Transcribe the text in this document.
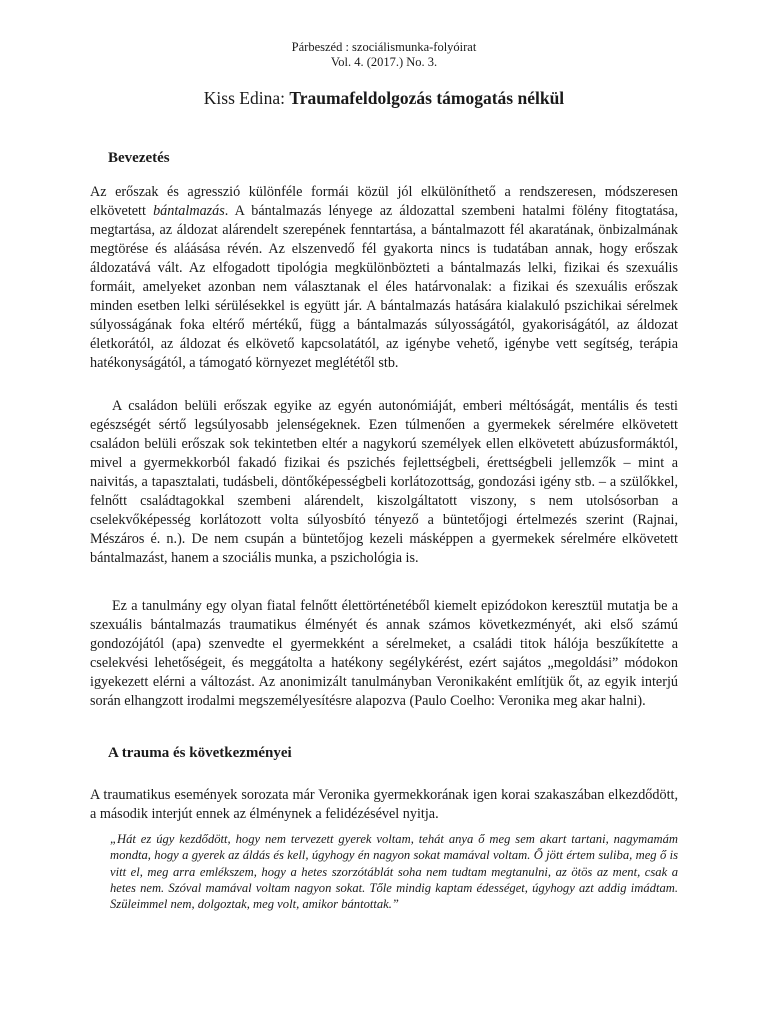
Párbeszéd : szociálismunka-folyóirat
Vol. 4. (2017.) No. 3.
Kiss Edina: Traumafeldolgozás támogatás nélkül
Bevezetés

Az erőszak és agresszió különféle formái közül jól elkülöníthető a rendszeresen, módszeresen elkövetett bántalmazás. A bántalmazás lényege az áldozattal szembeni hatalmi fölény fitogtatása, megtartása, az áldozat alárendelt szerepének fenntartása, a bántalmazott fél akaratának, önbizalmának megtörése és aláásása révén. Az elszenvedő fél gyakorta nincs is tudatában annak, hogy erőszak áldozatává vált. Az elfogadott tipológia megkülönbözteti a bántalmazás lelki, fizikai és szexuális formáit, amelyeket azonban nem választanak el éles határvonalak: a fizikai és szexuális erőszak minden esetben lelki sérülésekkel is együtt jár. A bántalmazás hatására kialakuló pszichikai sérelmek súlyosságának foka eltérő mértékű, függ a bántalmazás súlyosságától, gyakoriságától, az áldozat életkorától, az áldozat és elkövető kapcsolatától, az igénybe vehető, igénybe vett segítség, terápia hatékonyságától, a támogató környezet meglététől stb.

A családon belüli erőszak egyike az egyén autonómiáját, emberi méltóságát, mentális és testi egészségét sértő legsúlyosabb jelenségeknek. Ezen túlmenően a gyermekek sérelmére elkövetett családon belüli erőszak sok tekintetben eltér a nagykorú személyek ellen elkövetett abúzusformáktól, mivel a gyermekkorból fakadó fizikai és pszichés fejlettségbeli, érettségbeli jellemzők – mint a naivitás, a tapasztalati, tudásbeli, döntőképességbeli korlátozottság, gondozási igény stb. – a szülőkkel, felnőtt családtagokkal szembeni alárendelt, kiszolgáltatott viszony, s nem utolsósorban a cselekvőképesség korlátozott volta súlyosbító tényező a büntetőjogi értelmezés szerint (Rajnai, Mészáros é. n.). De nem csupán a büntetőjog kezeli másképpen a gyermekek sérelmére elkövetett bántalmazást, hanem a szociális munka, a pszichológia is.

Ez a tanulmány egy olyan fiatal felnőtt élettörténetéből kiemelt epizódokon keresztül mutatja be a szexuális bántalmazás traumatikus élményét és annak számos következményét, aki első számú gondozójától (apa) szenvedte el gyermekként a sérelmeket, a családi titok hálója beszűkítette a cselekvési lehetőségeit, és meggátolta a hatékony segélykérést, ezért sajátos „megoldási” módokon igyekezett elérni a változást. Az anonimizált tanulmányban Veronikaként említjük őt, az egyik interjú során elhangzott irodalmi megszemélyesítésre alapozva (Paulo Coelho: Veronika meg akar halni).

A trauma és következményei

A traumatikus események sorozata már Veronika gyermekkorának igen korai szakaszában elkezdődött, a második interjút ennek az élménynek a felidézésével nyitja.

„Hát ez úgy kezdődött, hogy nem tervezett gyerek voltam, tehát anya ő meg sem akart tartani, nagymamám mondta, hogy a gyerek az áldás és kell, úgyhogy én nagyon sokat mamával voltam. Ő jött értem suliba, meg ő is vitt el, meg arra emlékszem, hogy a hetes szorzótáblát soha nem tudtam megtanulni, az ötös az ment, csak a hetes nem. Szóval mamával voltam nagyon sokat. Tőle mindig kaptam édességet, úgyhogy azt addig imádtam. Szüleimmel nem, dolgoztak, meg volt, amikor bántottak.”
